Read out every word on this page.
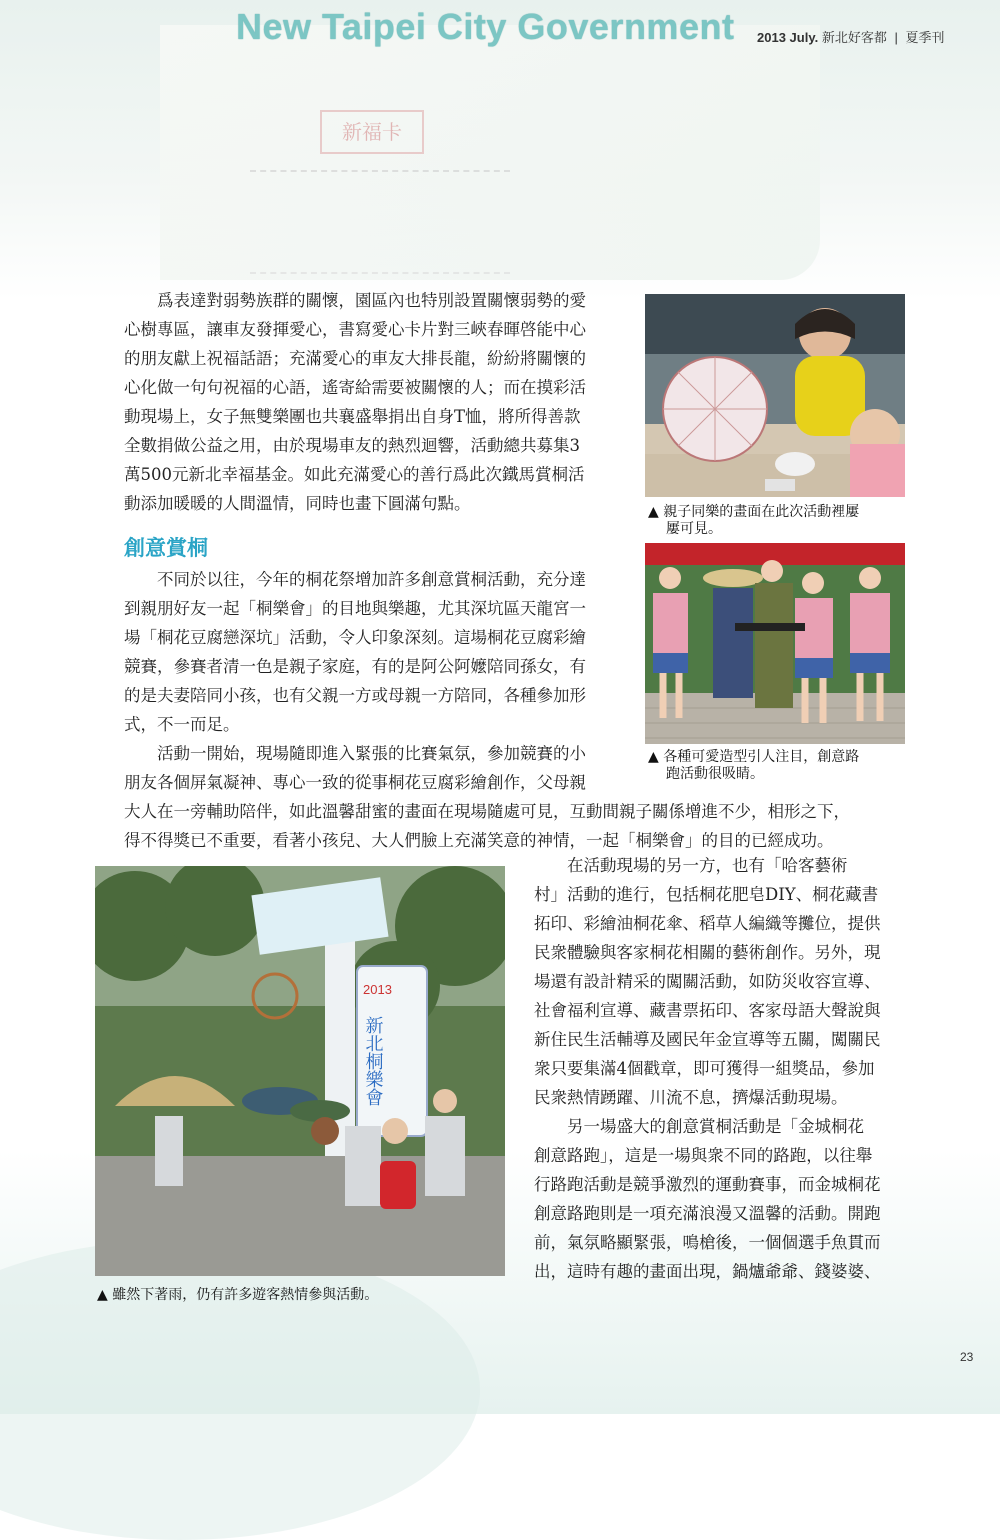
新福卡
New Taipei City Government 2013 July. 新北好客都 | 夏季刊
　　爲表達對弱勢族群的關懷，園區內也特別設置關懷弱勢的愛
心樹專區，讓車友發揮愛心，書寫愛心卡片對三峽春暉啓能中心
的朋友獻上祝福話語；充滿愛心的車友大排長龍，紛紛將關懷的
心化做一句句祝福的心語，遙寄給需要被關懷的人；而在摸彩活
動現場上，女子無雙樂團也共襄盛舉捐出自身T恤，將所得善款
全數捐做公益之用，由於現場車友的熱烈迴響，活動總共募集3
萬500元新北幸福基金。如此充滿愛心的善行爲此次鐵馬賞桐活
動添加暖暖的人間溫情，同時也畫下圓滿句點。
創意賞桐
　　不同於以往，今年的桐花祭增加許多創意賞桐活動，充分達
到親朋好友一起「桐樂會」的目地與樂趣，尤其深坑區天龍宮一
場「桐花豆腐戀深坑」活動，令人印象深刻。這場桐花豆腐彩繪
競賽，參賽者清一色是親子家庭，有的是阿公阿嬤陪同孫女，有
的是夫妻陪同小孩，也有父親一方或母親一方陪同，各種參加形
式，不一而足。
　　活動一開始，現場隨即進入緊張的比賽氣氛，參加競賽的小
朋友各個屏氣凝神、專心一致的從事桐花豆腐彩繪創作，父母親
大人在一旁輔助陪伴，如此溫馨甜蜜的畫面在現場隨處可見，互動間親子關係增進不少，相形之下，
得不得獎已不重要，看著小孩兒、大人們臉上充滿笑意的神情，一起「桐樂會」的目的已經成功。
　　在活動現場的另一方，也有「哈客藝術
村」活動的進行，包括桐花肥皂DIY、桐花藏書
拓印、彩繪油桐花傘、稻草人編織等攤位，提供
民衆體驗與客家桐花相關的藝術創作。另外，現
場還有設計精采的闖關活動，如防災收容宣導、
社會福利宣導、藏書票拓印、客家母語大聲說與
新住民生活輔導及國民年金宣導等五關，闖關民
衆只要集滿4個戳章，即可獲得一組獎品，參加
民衆熱情踴躍、川流不息，擠爆活動現場。
　　另一場盛大的創意賞桐活動是「金城桐花
創意路跑」，這是一場與衆不同的路跑，以往舉
行路跑活動是競爭激烈的運動賽事，而金城桐花
創意路跑則是一項充滿浪漫又溫馨的活動。開跑
前，氣氛略顯緊張，鳴槍後，一個個選手魚貫而
出，這時有趣的畫面出現，鍋爐爺爺、錢婆婆、
▲ 親子同樂的畫面在此次活動裡屢
屢可見。
▲ 各種可愛造型引人注目，創意路
跑活動很吸睛。
2013
新北桐樂會
▲ 雖然下著雨，仍有許多遊客熱情參與活動。
23
